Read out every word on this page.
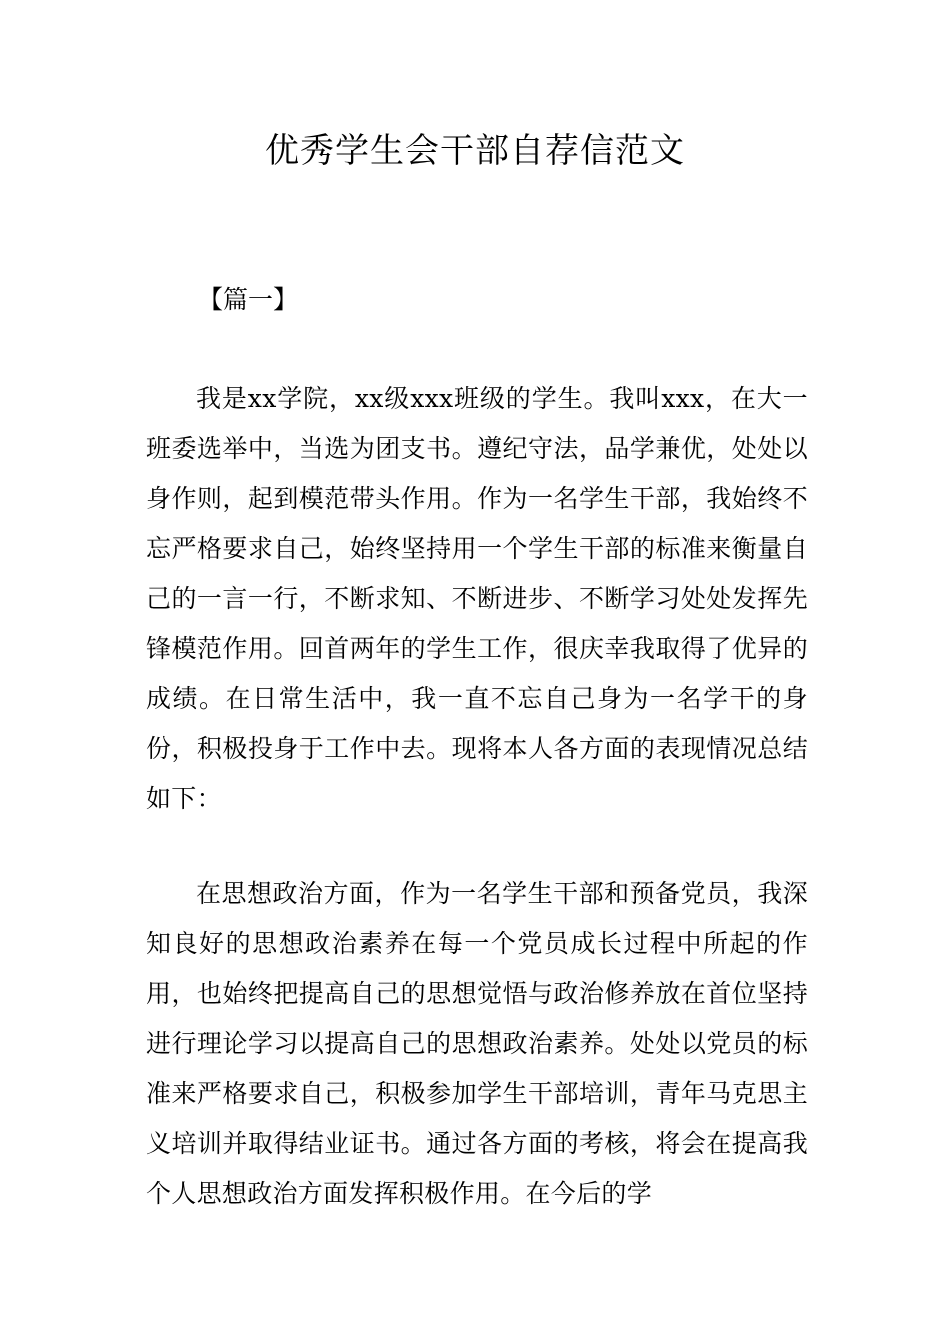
优秀学生会干部自荐信范文

【篇一】

我是xx学院，xx级xxx班级的学生。我叫xxx，在大一班委选举中，当选为团支书。遵纪守法，品学兼优，处处以身作则，起到模范带头作用。作为一名学生干部，我始终不忘严格要求自己，始终坚持用一个学生干部的标准来衡量自己的一言一行，不断求知、不断进步、不断学习处处发挥先锋模范作用。回首两年的学生工作，很庆幸我取得了优异的成绩。在日常生活中，我一直不忘自己身为一名学干的身份，积极投身于工作中去。现将本人各方面的表现情况总结如下：

在思想政治方面，作为一名学生干部和预备党员，我深知良好的思想政治素养在每一个党员成长过程中所起的作用，也始终把提高自己的思想觉悟与政治修养放在首位坚持进行理论学习以提高自己的思想政治素养。处处以党员的标准来严格要求自己，积极参加学生干部培训，青年马克思主义培训并取得结业证书。通过各方面的考核，将会在提高我个人思想政治方面发挥积极作用。在今后的学
